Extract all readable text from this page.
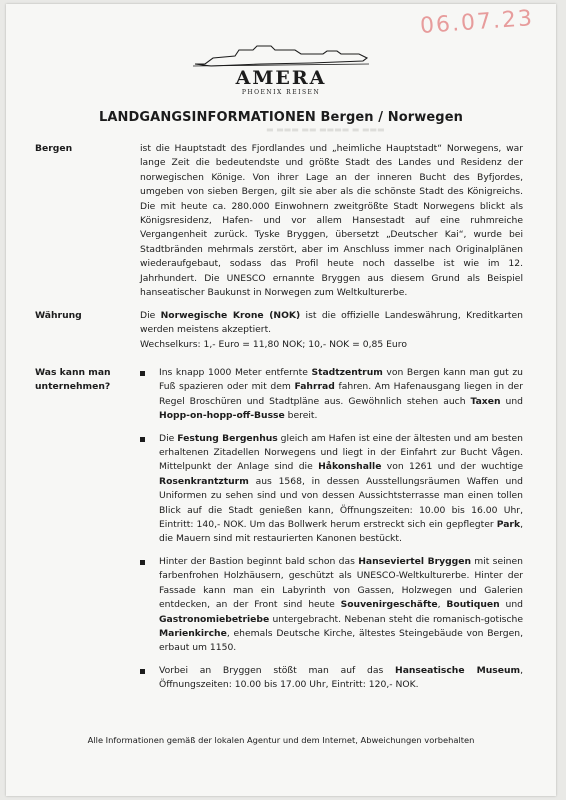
06.07.23
▬ ▬▬▬ ▬▬ ▬▬▬▬ ▬ ▬▬▬
AMERA
PHOENIX REISEN
LANDGANGSINFORMATIONEN Bergen / Norwegen
Bergen	ist die Hauptstadt des Fjordlandes und „heimliche Hauptstadt“ Norwegens, war lange Zeit die bedeutendste und größte Stadt des Landes und Residenz der norwegischen Könige. Von ihrer Lage an der inneren Bucht des Byfjordes, umgeben von sieben Bergen, gilt sie aber als die schönste Stadt des Königreichs. Die mit heute ca. 280.000 Einwohnern zweitgrößte Stadt Norwegens blickt als Königsresidenz, Hafen- und vor allem Hansestadt auf eine ruhmreiche Vergangenheit zurück. Tyske Bryggen, übersetzt „Deutscher Kai“, wurde bei Stadtbränden mehrmals zerstört, aber im Anschluss immer nach Originalplänen wiederaufgebaut, sodass das Profil heute noch dasselbe ist wie im 12. Jahrhundert. Die UNESCO ernannte Bryggen aus diesem Grund als Beispiel hanseatischer Baukunst in Norwegen zum Weltkulturerbe.

Währung	Die Norwegische Krone (NOK) ist die offizielle Landeswährung, Kreditkarten werden meistens akzeptiert.

Wechselkurs: 1,- Euro = 11,80 NOK; 10,- NOK = 0,85 Euro

Was kann man
unternehmen?
Ins knapp 1000 Meter entfernte Stadtzentrum von Bergen kann man gut zu Fuß spazieren oder mit dem Fahrrad fahren. Am Hafenausgang liegen in der Regel Broschüren und Stadtpläne aus. Gewöhnlich stehen auch Taxen und Hopp-on-hopp-off-Busse bereit.
Die Festung Bergenhus gleich am Hafen ist eine der ältesten und am besten erhaltenen Zitadellen Norwegens und liegt in der Einfahrt zur Bucht Vågen. Mittelpunkt der Anlage sind die Håkonshalle von 1261 und der wuchtige Rosenkrantzturm aus 1568, in dessen Ausstellungsräumen Waffen und Uniformen zu sehen sind und von dessen Aussichtsterrasse man einen tollen Blick auf die Stadt genießen kann, Öffnungszeiten: 10.00 bis 16.00 Uhr, Eintritt: 140,- NOK. Um das Bollwerk herum erstreckt sich ein gepflegter Park, die Mauern sind mit restaurierten Kanonen bestückt.
Hinter der Bastion beginnt bald schon das Hanseviertel Bryggen mit seinen farbenfrohen Holzhäusern, geschützt als UNESCO-Weltkulturerbe. Hinter der Fassade kann man ein Labyrinth von Gassen, Holzwegen und Galerien entdecken, an der Front sind heute Souvenirgeschäfte, Boutiquen und Gastronomiebetriebe untergebracht. Nebenan steht die romanisch-gotische Marienkirche, ehemals Deutsche Kirche, ältestes Steingebäude von Bergen, erbaut um 1150.
Vorbei an Bryggen stößt man auf das Hanseatische Museum, Öffnungszeiten: 10.00 bis 17.00 Uhr, Eintritt: 120,- NOK.
Alle Informationen gemäß der lokalen Agentur und dem Internet, Abweichungen vorbehalten
